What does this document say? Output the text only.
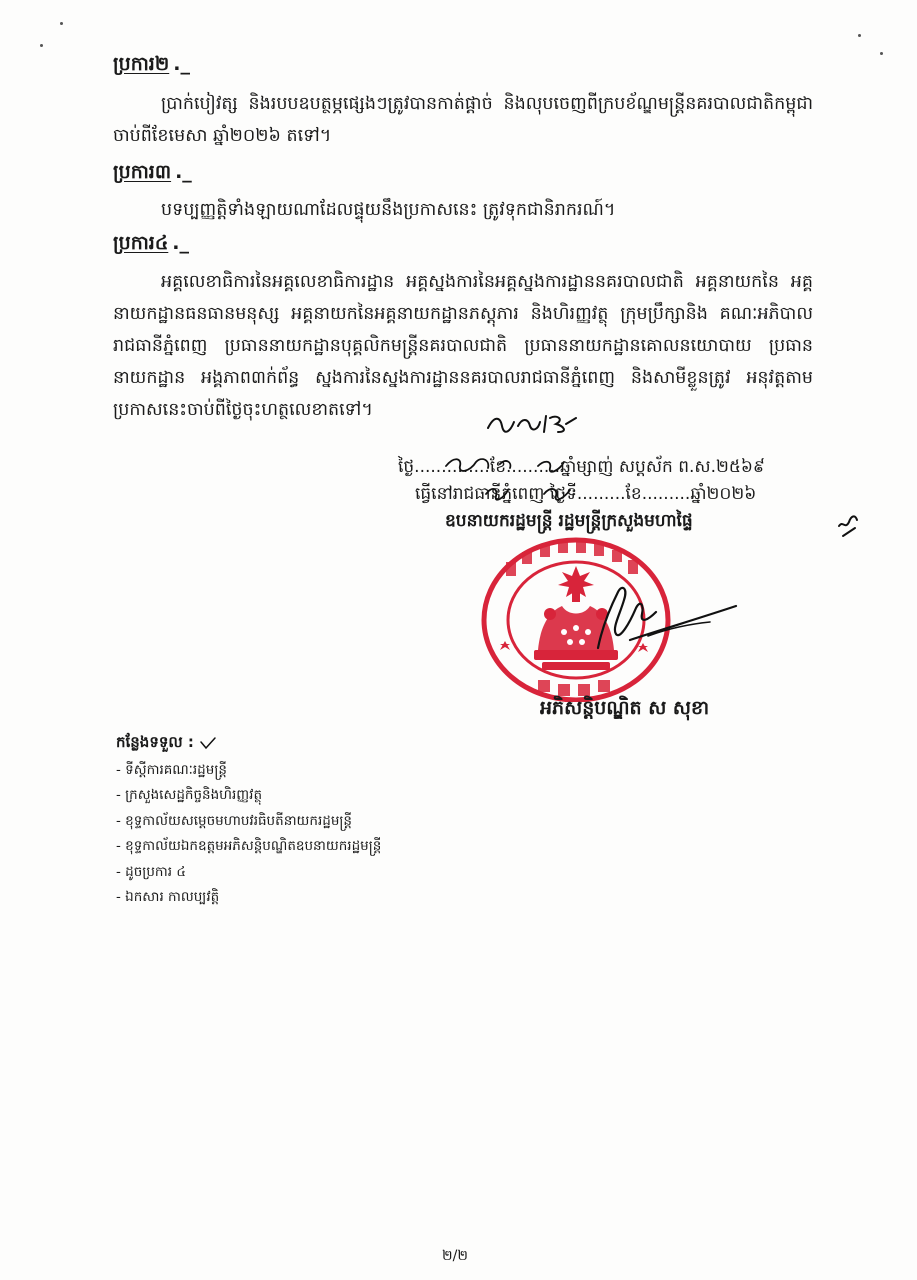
ប្រការ២ ._
ប្រាក់បៀវត្ស និងរបបឧបត្ថម្ភផ្សេងៗត្រូវបានកាត់ផ្តាច់ និងលុបចេញពីក្របខ័ណ្ឌមន្ត្រីនគរបាលជាតិកម្ពុជា ចាប់ពីខែមេសា ឆ្នាំ២០២៦ តទៅ។
ប្រការ៣ ._
បទប្បញ្ញត្តិទាំងឡាយណាដែលផ្ទុយនឹងប្រកាសនេះ ត្រូវទុកជានិរាករណ៍។
ប្រការ៤ ._
អគ្គលេខាធិការនៃអគ្គលេខាធិការដ្ឋាន អគ្គស្នងការនៃអគ្គស្នងការដ្ឋាននគរបាលជាតិ អគ្គនាយកនៃ អគ្គនាយកដ្ឋានធនធានមនុស្ស អគ្គនាយកនៃអគ្គនាយកដ្ឋានភស្តុភារ និងហិរញ្ញវត្ថុ ក្រុមប្រឹក្សានិង គណៈអភិបាលរាជធានីភ្នំពេញ ប្រធាននាយកដ្ឋានបុគ្គលិកមន្ត្រីនគរបាលជាតិ ប្រធាននាយកដ្ឋានគោលនយោបាយ ប្រធាននាយកដ្ឋាន អង្គភាព៣ក់ព័ន្ធ ស្នងការនៃស្នងការដ្ឋាននគរបាលរាជធានីភ្នំពេញ និងសាមីខ្លួនត្រូវ អនុវត្តតាមប្រកាសនេះចាប់ពីថ្ងៃចុះហត្ថលេខាតទៅ។
ថ្ងៃ..............ខែ..........ឆ្នាំម្សាញ់ សប្តស័ក ព.ស.២៥៦៩
ធ្វើនៅរាជធានីភ្នំពេញ ថ្ងៃទី.........ខែ.........ឆ្នាំ២០២៦
ឧបនាយករដ្ឋមន្ត្រី រដ្ឋមន្ត្រីក្រសួងមហាផ្ទៃ
អភិសន្តិបណ្ឌិត ស សុខា
កន្លែងទទួល :
- ទីស្តីការគណៈរដ្ឋមន្ត្រី
- ក្រសួងសេដ្ឋកិច្ចនិងហិរញ្ញវត្ថុ
- ខុទ្ទកាល័យសម្តេចមហាបវរធិបតីនាយករដ្ឋមន្ត្រី
- ខុទ្ទកាល័យឯកឧត្តមអភិសន្តិបណ្ឌិតឧបនាយករដ្ឋមន្ត្រី
- ដូចប្រការ ៤
- ឯកសារ កាលប្បវត្តិ
២/២
